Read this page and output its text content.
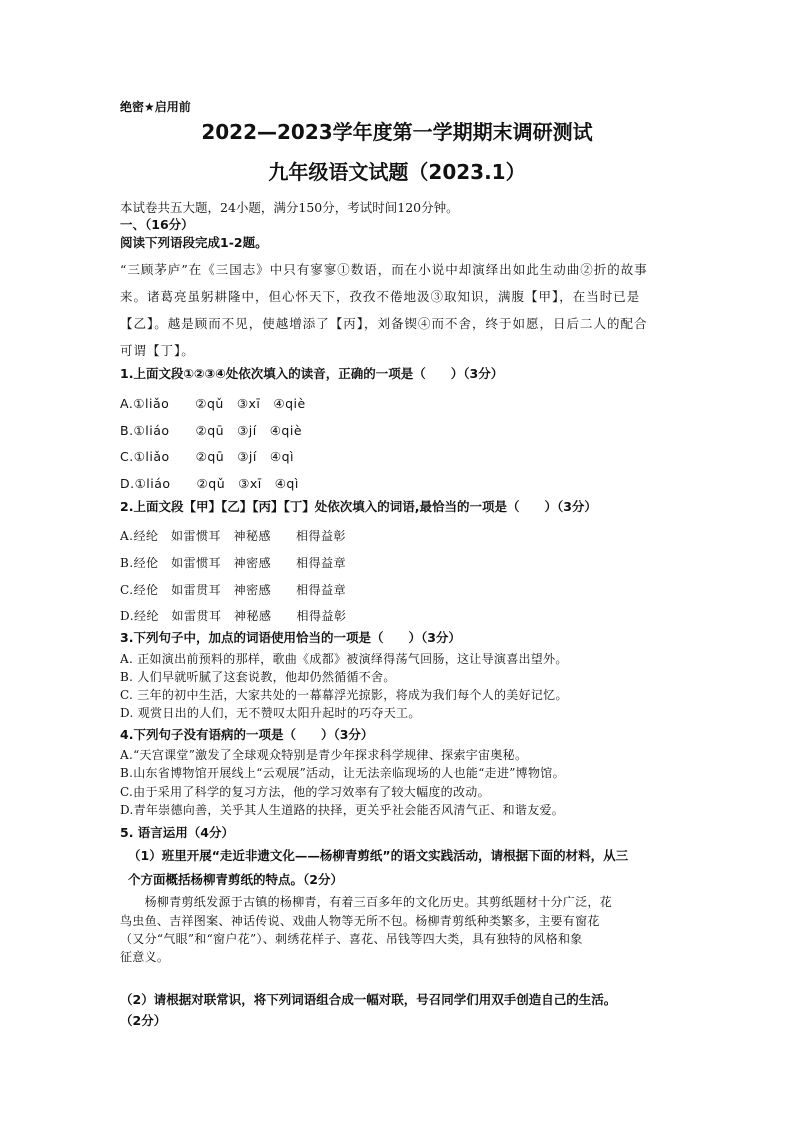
绝密★启用前
2022—2023学年度第一学期期末调研测试
九年级语文试题（2023.1）
本试卷共五大题，24小题，满分150分，考试时间120分钟。
一、（16分）
阅读下列语段完成1-2题。
“三顾茅庐”在《三国志》中只有寥寥①数语，而在小说中却演绎出如此生动曲②折的故事
来。诸葛亮虽躬耕隆中，但心怀天下，孜孜不倦地汲③取知识，满腹【甲】，在当时已是
【乙】。越是顾而不见，使越增添了【丙】，刘备锲④而不舍，终于如愿，日后二人的配合
可谓【丁】。
1.上面文段①②③④处依次填入的读音，正确的一项是（　　）（3分）
A.①liǎo　　②qǔ　③xī　④qiè
B.①liáo　　②qū　③jí　④qiè
C.①liǎo　　②qū　③jí　④qì
D.①liáo　　②qǔ　③xī　④qì
2.上面文段【甲】【乙】【丙】【丁】处依次填入的词语,最恰当的一项是（　　）（3分）
A.经纶　如雷惯耳　神秘感　　相得益彰
B.经伦　如雷惯耳　神密感　　相得益章
C.经伦　如雷贯耳　神密感　　相得益章
D.经纶　如雷贯耳　神秘感　　相得益彰
3.下列句子中，加点的词语使用恰当的一项是（　　）（3分）
A. 正如演出前预料的那样，歌曲《成都》被演绎得荡气回肠，这让导演喜出望外。
B. 人们早就听腻了这套说教，他却仍然循循不舍。
C. 三年的初中生活，大家共处的一幕幕浮光掠影，将成为我们每个人的美好记忆。
D. 观赏日出的人们，无不赞叹太阳升起时的巧夺天工。
4.下列句子没有语病的一项是（　　）（3分）
A.“天宫课堂”激发了全球观众特别是青少年探求科学规律、探索宇宙奥秘。
B.山东省博物馆开展线上“云观展”活动，让无法亲临现场的人也能“走进”博物馆。
C.由于采用了科学的复习方法，他的学习效率有了较大幅度的改动。
D.青年崇德向善，关乎其人生道路的抉择，更关乎社会能否风清气正、和谐友爱。
5. 语言运用（4分）
（1）班里开展“走近非遗文化——杨柳青剪纸”的语文实践活动，请根据下面的材料，从三
个方面概括杨柳青剪纸的特点。（2分）
　　杨柳青剪纸发源于古镇的杨柳青，有着三百多年的文化历史。其剪纸题材十分广泛，花
鸟虫鱼、吉祥图案、神话传说、戏曲人物等无所不包。杨柳青剪纸种类繁多，主要有窗花
（又分“气眼”和“窗户花”）、刺绣花样子、喜花、吊钱等四大类，具有独特的风格和象
征意义。
（2）请根据对联常识，将下列词语组合成一幅对联，号召同学们用双手创造自己的生活。
（2分）
